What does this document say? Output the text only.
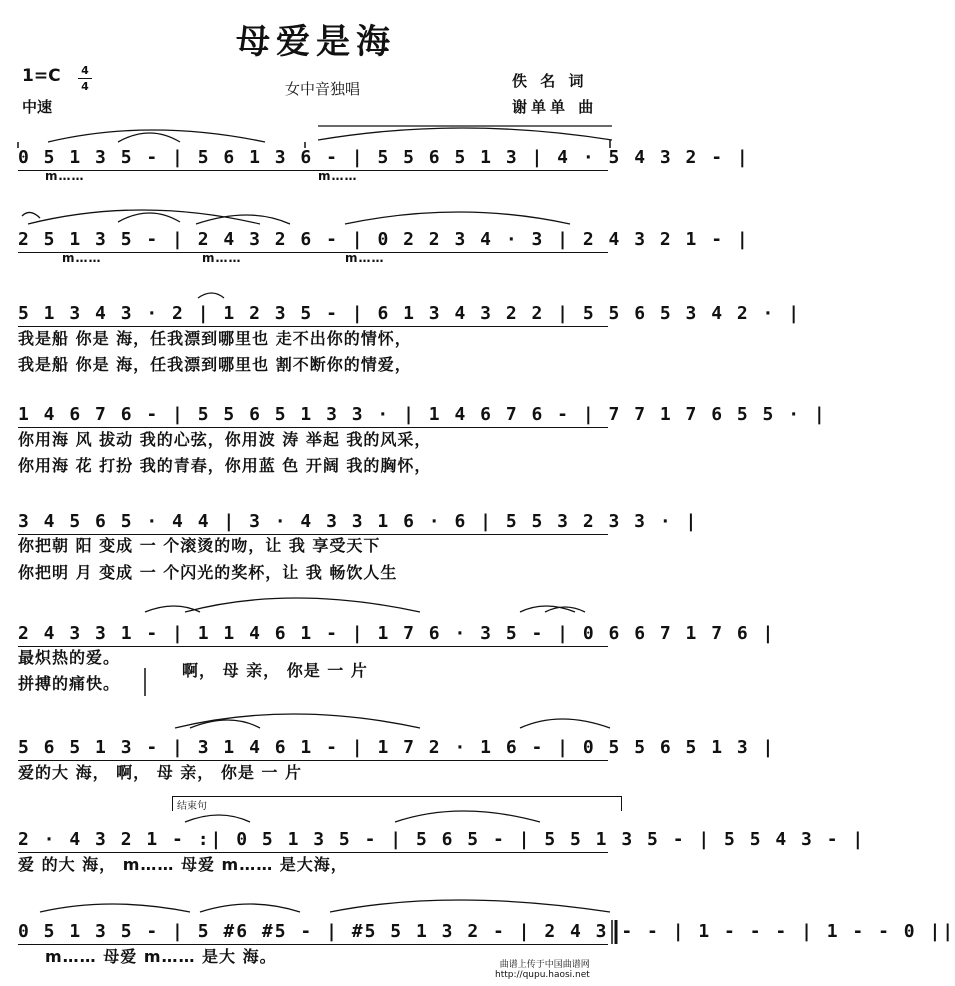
母爱是海
1=C 4
4
中速
女中音独唱	佚 名 词
谢单单 曲
0 5 1 3 5 - | 5 6 1 3 6 - | 5 5 6 5 1 3 | 4 · 5 4 3 2 - |
m……	m……
2 5 1 3 5 - | 2 4 3 2 6 - | 0 2 2 3 4 · 3 | 2 4 3 2 1 - |
m……	m……	m……
5 1 3 4 3 · 2 | 1 2 3 5 - | 6 1 3 4 3 2 2 | 5 5 6 5 3 4 2 · |
我是船 你是 海，任我漂到哪里也 走不出你的情怀，
我是船 你是 海，任我漂到哪里也 割不断你的情爱，
1 4 6 7 6 - | 5 5 6 5 1 3 3 · | 1 4 6 7 6 - | 7 7 1 7 6 5 5 · |
你用海 风 拔动 我的心弦，你用波 涛 举起 我的风采，
你用海 花 打扮 我的青春，你用蓝 色 开阔 我的胸怀，
3 4 5 6 5 · 4 4 | 3 · 4 3 3 1 6 · 6 | 5 5 3 2 3 3 · |
你把朝 阳 变成 一 个滚烫的吻，让 我 享受天下
你把明 月 变成 一 个闪光的奖杯，让 我 畅饮人生
2 4 3 3 1 - | 1 1 4 6 1 - | 1 7 6 · 3 5 - | 0 6 6 7 1 7 6 |
最炽热的爱。
拼搏的痛快。
啊， 母 亲， 你是 一 片
5 6 5 1 3 - | 3 1 4 6 1 - | 1 7 2 · 1 6 - | 0 5 5 6 5 1 3 |
爱的大 海， 啊， 母 亲， 你是 一 片
2 · 4 3 2 1 - :| 0 5 1 3 5 - | 5 6 5 - | 5 5 1 3 5 - | 5 5 4 3 - |
爱 的大 海， m…… 母爱 m…… 是大海，
0 5 1 3 5 - | 5 #6 #5 - | #5 5 1 3 2 - | 2 4 3 - - | 1 - - - | 1 - - 0 ||
m…… 母爱 m…… 是大 海。
结束句
曲谱上传于中国曲谱网
http://qupu.haosi.net
